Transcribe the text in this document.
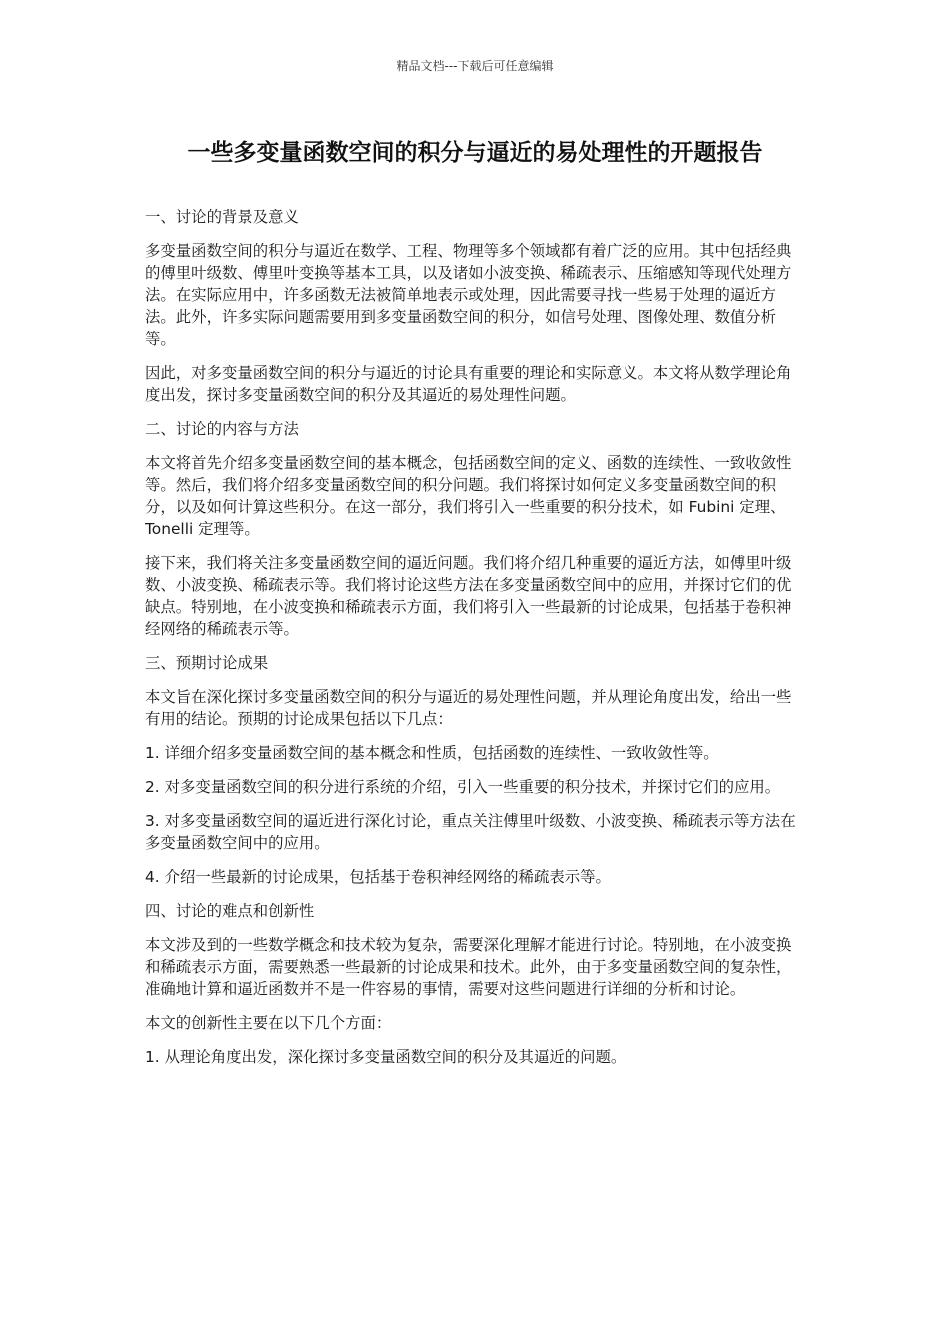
精品文档---下载后可任意编辑
一些多变量函数空间的积分与逼近的易处理性的开题报告

一、讨论的背景及意义

多变量函数空间的积分与逼近在数学、工程、物理等多个领域都有着广泛的应用。其中包括经典的傅里叶级数、傅里叶变换等基本工具，以及诸如小波变换、稀疏表示、压缩感知等现代处理方法。在实际应用中，许多函数无法被简单地表示或处理，因此需要寻找一些易于处理的逼近方法。此外，许多实际问题需要用到多变量函数空间的积分，如信号处理、图像处理、数值分析等。

因此，对多变量函数空间的积分与逼近的讨论具有重要的理论和实际意义。本文将从数学理论角度出发，探讨多变量函数空间的积分及其逼近的易处理性问题。

二、讨论的内容与方法

本文将首先介绍多变量函数空间的基本概念，包括函数空间的定义、函数的连续性、一致收敛性等。然后，我们将介绍多变量函数空间的积分问题。我们将探讨如何定义多变量函数空间的积分，以及如何计算这些积分。在这一部分，我们将引入一些重要的积分技术，如 Fubini 定理、Tonelli 定理等。

接下来，我们将关注多变量函数空间的逼近问题。我们将介绍几种重要的逼近方法，如傅里叶级数、小波变换、稀疏表示等。我们将讨论这些方法在多变量函数空间中的应用，并探讨它们的优缺点。特别地，在小波变换和稀疏表示方面，我们将引入一些最新的讨论成果，包括基于卷积神经网络的稀疏表示等。

三、预期讨论成果

本文旨在深化探讨多变量函数空间的积分与逼近的易处理性问题，并从理论角度出发，给出一些有用的结论。预期的讨论成果包括以下几点：

1. 详细介绍多变量函数空间的基本概念和性质，包括函数的连续性、一致收敛性等。

2. 对多变量函数空间的积分进行系统的介绍，引入一些重要的积分技术，并探讨它们的应用。

3. 对多变量函数空间的逼近进行深化讨论，重点关注傅里叶级数、小波变换、稀疏表示等方法在多变量函数空间中的应用。

4. 介绍一些最新的讨论成果，包括基于卷积神经网络的稀疏表示等。

四、讨论的难点和创新性

本文涉及到的一些数学概念和技术较为复杂，需要深化理解才能进行讨论。特别地，在小波变换和稀疏表示方面，需要熟悉一些最新的讨论成果和技术。此外，由于多变量函数空间的复杂性，准确地计算和逼近函数并不是一件容易的事情，需要对这些问题进行详细的分析和讨论。

本文的创新性主要在以下几个方面：

1. 从理论角度出发，深化探讨多变量函数空间的积分及其逼近的问题。
